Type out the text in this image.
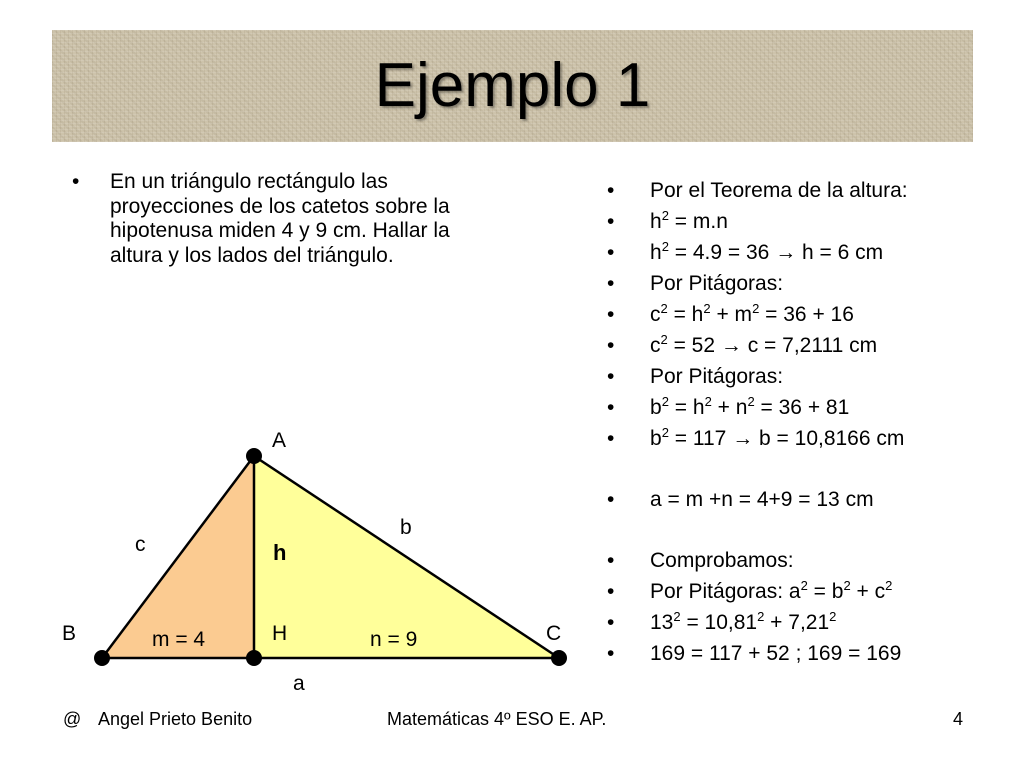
Ejemplo 1
• En un triángulo rectángulo las proyecciones de los catetos sobre la hipotenusa miden 4 y 9 cm. Hallar la altura y los lados del triángulo.
• Por el Teorema de la altura:
• $h^2 = m.n$
• $h^2 = 4.9 = 36 \to h = 6$ cm
• Por Pitágoras:
• $c^2 = h^2 + m^2 = 36 + 16$
• $c^2 = 52 \to c = 7,2111$ cm
• Por Pitágoras:
• $b^2 = h^2 + n^2 = 36 + 81$
• $b^2 = 117 \to b = 10,8166$ cm
• a = m +n = 4+9 = 13 cm
• Comprobamos:
• Por Pitágoras: $a^2 = b^2 + c^2$
• $13^2 = 10,81^2 + 7,21^2$
• 169 = 117 + 52 ; 169 = 169
A
B	C
H
c
b
h
m = 4	n = 9
a
@ Angel Prieto Benito	Matemáticas 4º ESO E. AP.	4
